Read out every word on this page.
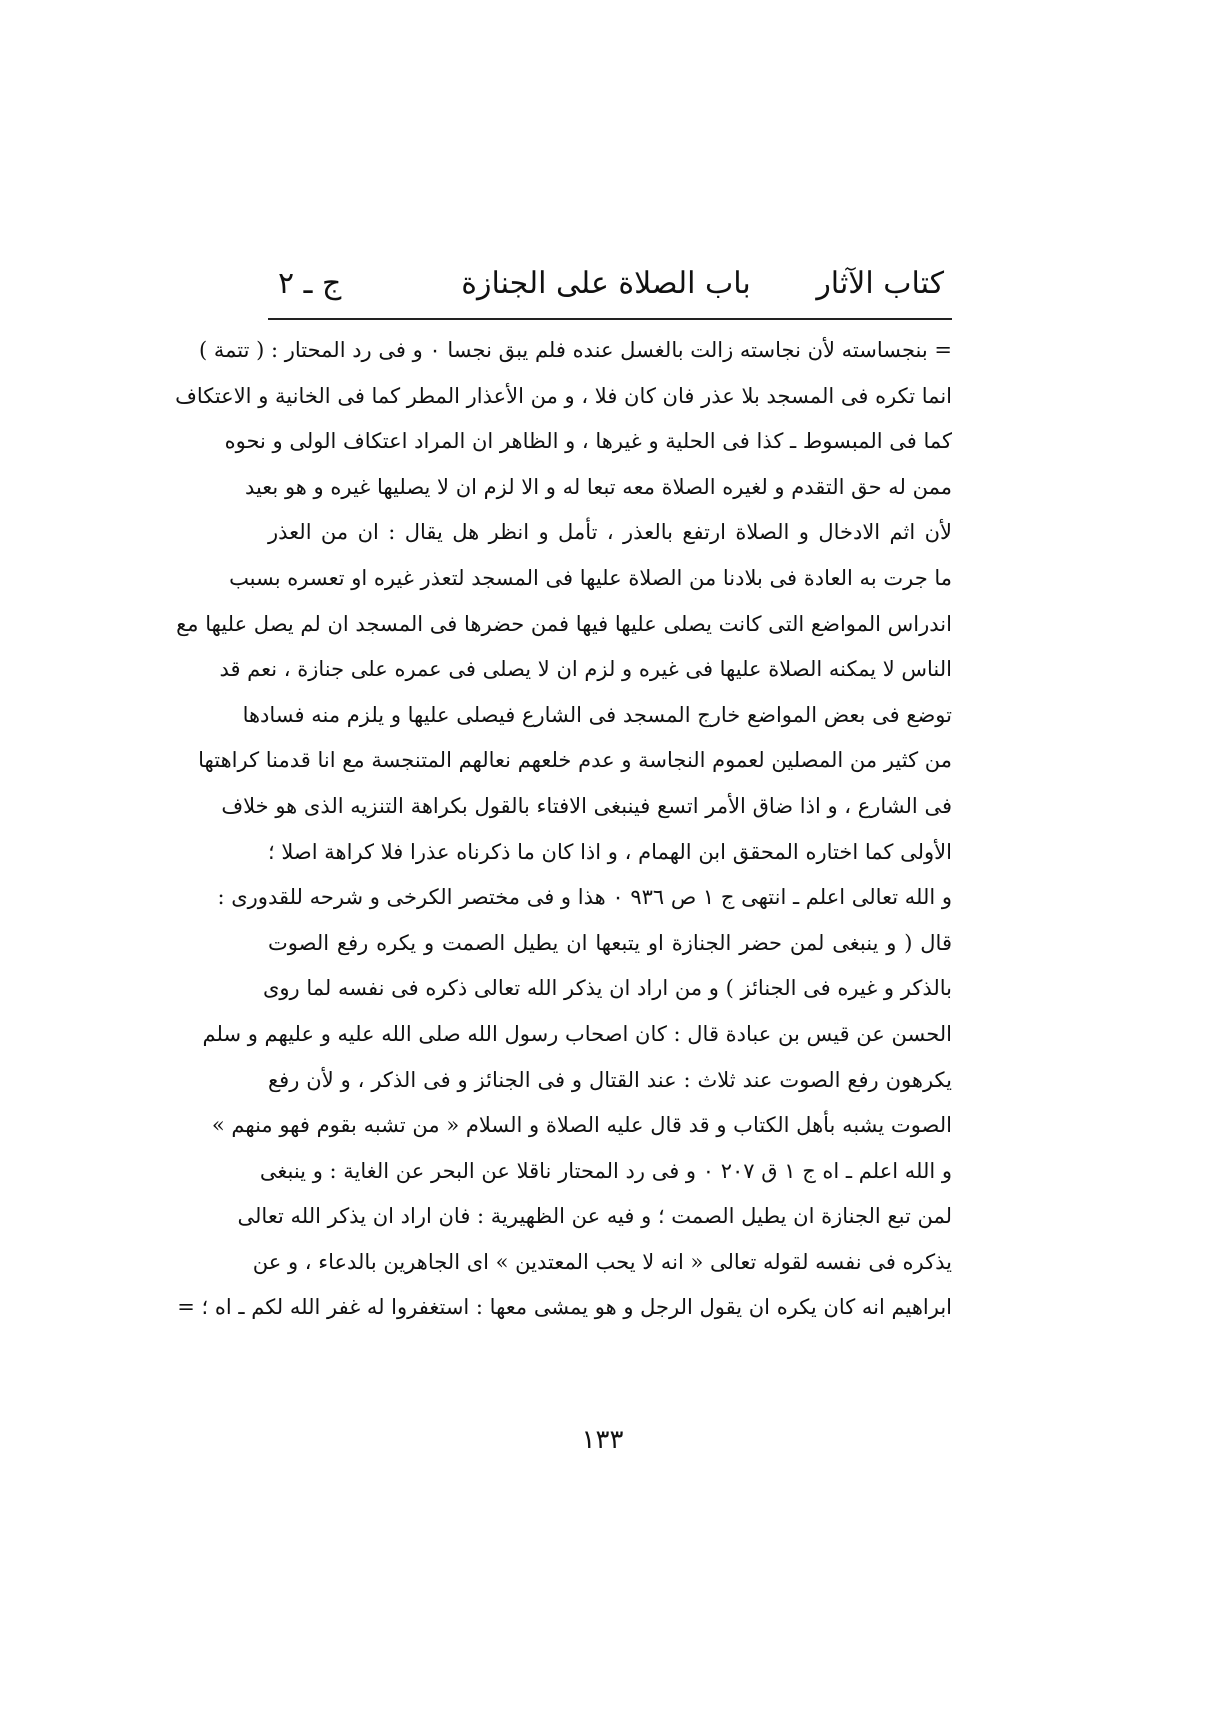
كتاب الآثار
باب الصلاة على الجنازة
ج ـ ٢
= بنجساسته لأن نجاسته زالت بالغسل عنده فلم يبق نجسا ٠ و فى رد المحتار : ( تتمة )
انما تكره فى المسجد بلا عذر فان كان فلا ، و من الأعذار المطر كما فى الخانية و الاعتكاف
كما فى المبسوط ـ كذا فى الحلية و غيرها ، و الظاهر ان المراد اعتكاف الولى و نحوه
ممن له حق التقدم و لغيره الصلاة معه تبعا له و الا لزم ان لا يصليها غيره و هو بعيد
لأن اثم الادخال و الصلاة ارتفع بالعذر ، تأمل و انظر هل يقال : ان من العذر
ما جرت به العادة فى بلادنا من الصلاة عليها فى المسجد لتعذر غيره او تعسره بسبب
اندراس المواضع التى كانت يصلى عليها فيها فمن حضرها فى المسجد ان لم يصل عليها مع
الناس لا يمكنه الصلاة عليها فى غيره و لزم ان لا يصلى فى عمره على جنازة ، نعم قد
توضع فى بعض المواضع خارج المسجد فى الشارع فيصلى عليها و يلزم منه فسادها
من كثير من المصلين لعموم النجاسة و عدم خلعهم نعالهم المتنجسة مع انا قدمنا كراهتها
فى الشارع ، و اذا ضاق الأمر اتسع فينبغى الافتاء بالقول بكراهة التنزيه الذى هو خلاف
الأولى كما اختاره المحقق ابن الهمام ، و اذا كان ما ذكرناه عذرا فلا كراهة اصلا ؛
و الله تعالى اعلم ـ انتهى ج ١ ص ٩٣٦ ٠ هذا و فى مختصر الكرخى و شرحه للقدورى :
قال ( و ينبغى لمن حضر الجنازة او يتبعها ان يطيل الصمت و يكره رفع الصوت
بالذكر و غيره فى الجنائز ) و من اراد ان يذكر الله تعالى ذكره فى نفسه لما روى
الحسن عن قيس بن عبادة قال : كان اصحاب رسول الله صلى الله عليه و عليهم و سلم
يكرهون رفع الصوت عند ثلاث : عند القتال و فى الجنائز و فى الذكر ، و لأن رفع
الصوت يشبه بأهل الكتاب و قد قال عليه الصلاة و السلام « من تشبه بقوم فهو منهم »
و الله اعلم ـ اه ج ١ ق ٢٠٧ ٠ و فى رد المحتار ناقلا عن البحر عن الغاية : و ينبغى
لمن تبع الجنازة ان يطيل الصمت ؛ و فيه عن الظهيرية : فان اراد ان يذكر الله تعالى
يذكره فى نفسه لقوله تعالى « انه لا يحب المعتدين » اى الجاهرين بالدعاء ، و عن
ابراهيم انه كان يكره ان يقول الرجل و هو يمشى معها : استغفروا له غفر الله لكم ـ اه ؛ =
١٣٣
